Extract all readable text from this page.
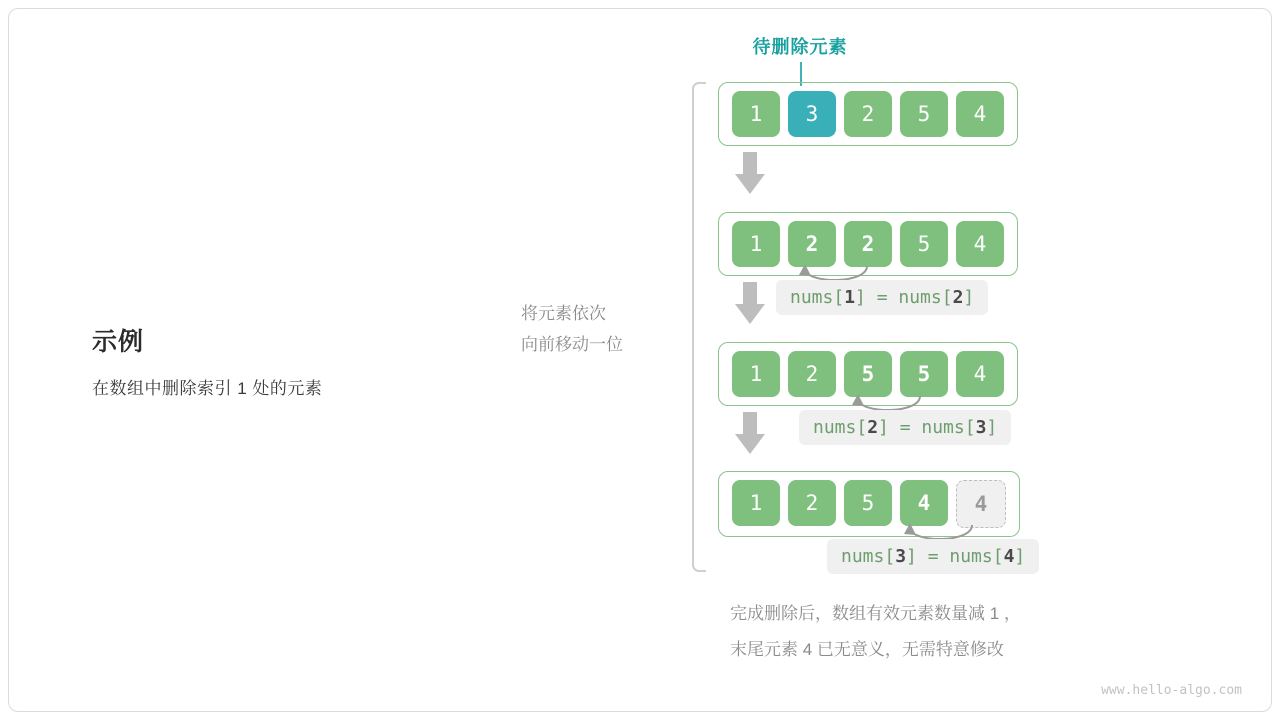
示例
在数组中删除索引 1 处的元素
将元素依次
向前移动一位
待删除元素
1	3	2	5	4
1	2	2	5	4
nums[1] = nums[2]
1	2	5	5	4
nums[2] = nums[3]
1	2	5	4	4
nums[3] = nums[4]
完成删除后，数组有效元素数量减 1 ，
末尾元素 4 已无意义，无需特意修改
www.hello-algo.com
